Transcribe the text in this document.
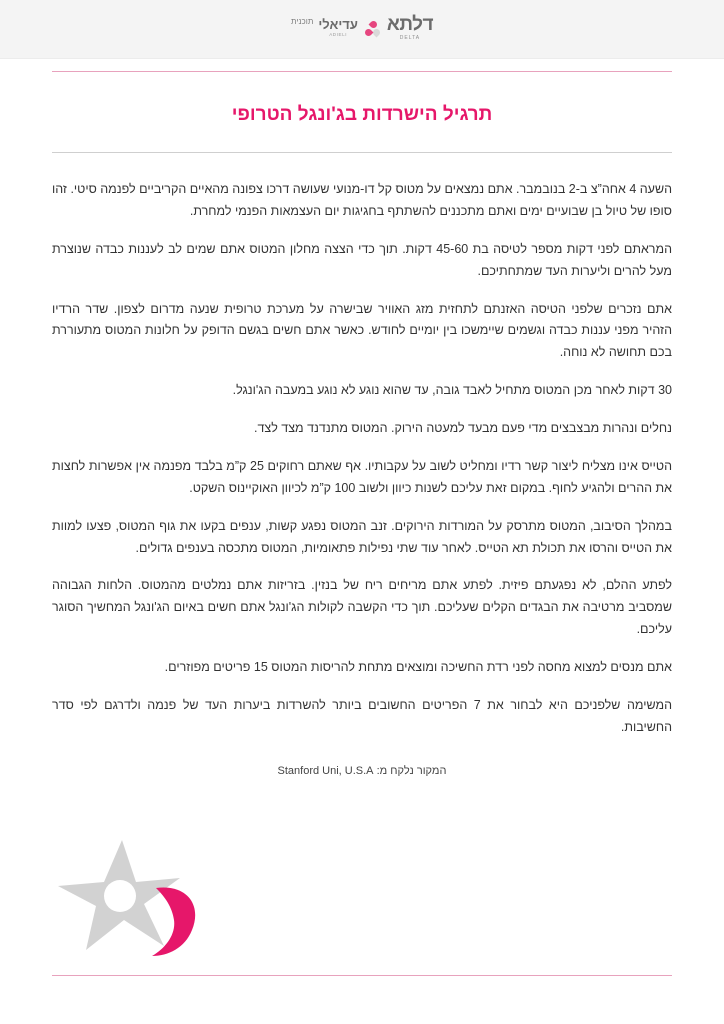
דלתא
DELTA
עדיאלי
ADIELI
תוכנית
תרגיל הישרדות בג'ונגל הטרופי

השעה 4 אחה”צ ב-2 בנובמבר. אתם נמצאים על מטוס קל דו-מנועי שעושה דרכו צפונה מהאיים הקריביים לפנמה סיטי. זהו סופו של טיול בן שבועיים ימים ואתם מתכננים להשתתף בחגיגות יום העצמאות הפנמי למחרת.

המראתם לפני דקות מספר לטיסה בת 45-60 דקות. תוך כדי הצצה מחלון המטוס אתם שמים לב לעננות כבדה שנוצרת מעל להרים וליערות העד שמתחתיכם.

אתם נזכרים שלפני הטיסה האזנתם לתחזית מזג האוויר שבישרה על מערכת טרופית שנעה מדרום לצפון. שדר הרדיו הזהיר מפני עננות כבדה וגשמים שיימשכו בין יומיים לחודש. כאשר אתם חשים בגשם הדופק על חלונות המטוס מתעוררת בכם תחושה לא נוחה.

30 דקות לאחר מכן המטוס מתחיל לאבד גובה, עד שהוא נוגע לא נוגע במעבה הג'ונגל.

נחלים ונהרות מבצבצים מדי פעם מבעד למעטה הירוק. המטוס מתנדנד מצד לצד.

הטייס אינו מצליח ליצור קשר רדיו ומחליט לשוב על עקבותיו. אף שאתם רחוקים 25 ק”מ בלבד מפנמה אין אפשרות לחצות את ההרים ולהגיע לחוף. במקום זאת עליכם לשנות כיוון ולשוב 100 ק”מ לכיוון האוקיינוס השקט.

במהלך הסיבוב, המטוס מתרסק על המורדות הירוקים. זנב המטוס נפגע קשות, ענפים בקעו את גוף המטוס, פצעו למוות את הטייס והרסו את תכולת תא הטייס. לאחר עוד שתי נפילות פתאומיות, המטוס מתכסה בענפים גדולים.

לפתע ההלם, לא נפגעתם פיזית. לפתע אתם מריחים ריח של בנזין. בזריזות אתם נמלטים מהמטוס. הלחות הגבוהה שמסביב מרטיבה את הבגדים הקלים שעליכם. תוך כדי הקשבה לקולות הג'ונגל אתם חשים באיום הג'ונגל המחשיך הסוגר עליכם.

אתם מנסים למצוא מחסה לפני רדת החשיכה ומוצאים מתחת להריסות המטוס 15 פריטים מפוזרים.

המשימה שלפניכם היא לבחור את 7 הפריטים החשובים ביותר להשרדות ביערות העד של פנמה ולדרגם לפי סדר החשיבות.

המקור נלקח מ: Stanford Uni, U.S.A
